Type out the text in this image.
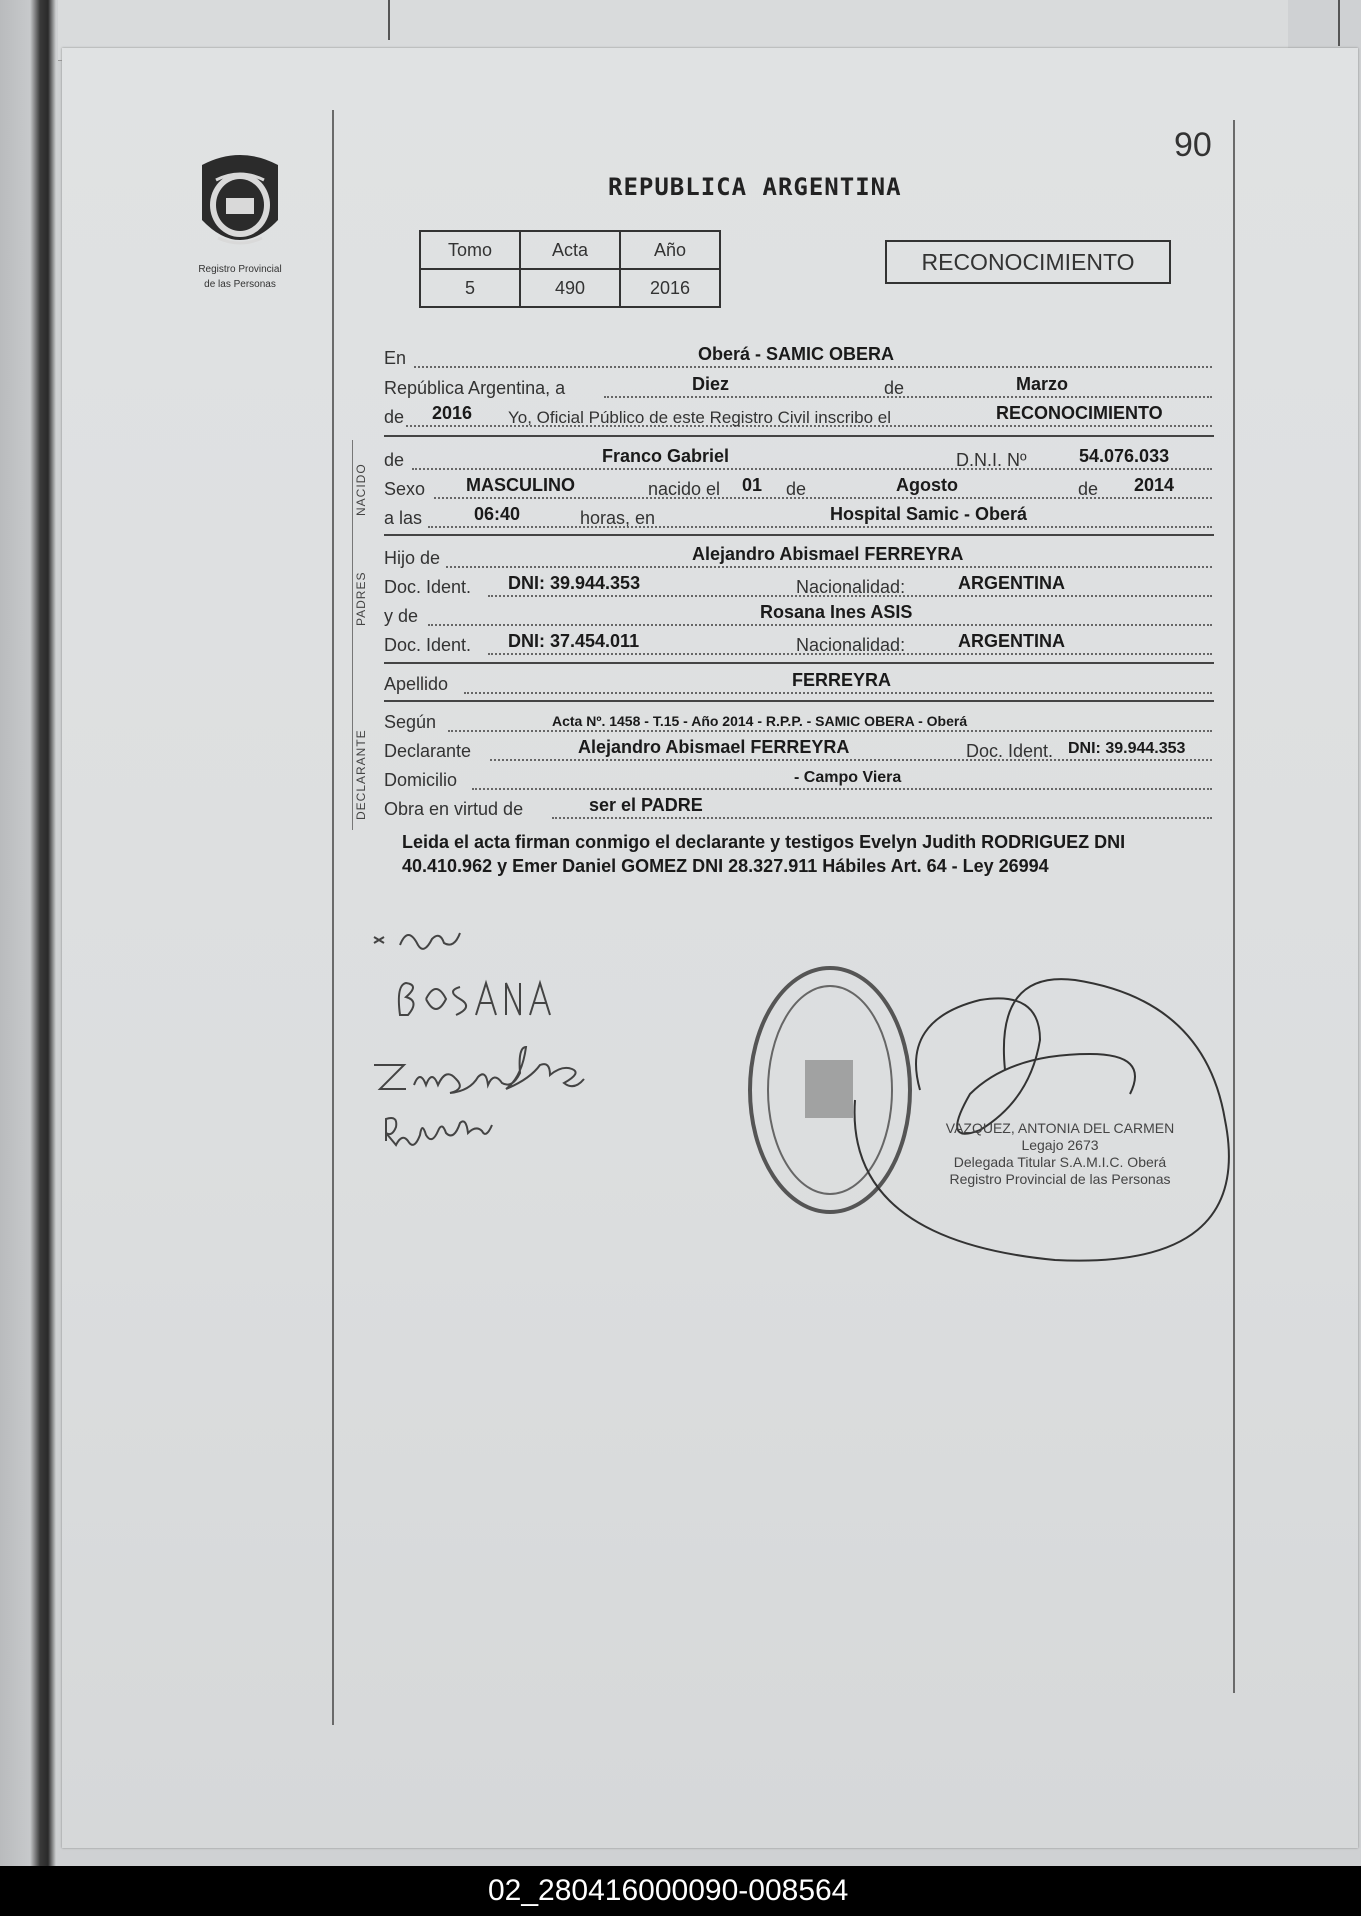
90
Registro Provincial
de las Personas
REPUBLICA ARGENTINA
Tomo	Acta	Año
5	490	2016
RECONOCIMIENTO
En	Oberá - SAMIC OBERA
República Argentina, a	Diez	de	Marzo
de 2016 Yo, Oficial Público de este Registro Civil inscribo el	RECONOCIMIENTO
de	Franco Gabriel	D.N.I. Nº	54.076.033
Sexo MASCULINO	nacido el 01 de	Agosto	de 2014
a las	06:40	horas, en	Hospital Samic - Oberá
Hijo de	Alejandro Abismael FERREYRA
Doc. Ident. DNI: 39.944.353	Nacionalidad:	ARGENTINA
y de	Rosana Ines ASIS
Doc. Ident. DNI: 37.454.011	Nacionalidad:	ARGENTINA
Apellido	FERREYRA
Según	Acta Nº. 1458 - T.15 - Año 2014 - R.P.P. - SAMIC OBERA - Oberá
Declarante	Alejandro Abismael FERREYRA	Doc. Ident. DNI: 39.944.353
Domicilio	- Campo Viera
Obra en virtud de	ser el PADRE
NACIDO
PADRES
DECLARANTE
Leida el acta firman conmigo el declarante y testigos Evelyn Judith RODRIGUEZ DNI 40.410.962 y Emer Daniel GOMEZ DNI 28.327.911 Hábiles Art. 64 - Ley 26994
VAZQUEZ, ANTONIA DEL CARMEN
Legajo 2673
Delegada Titular S.A.M.I.C. Oberá
Registro Provincial de las Personas
02_280416000090-008564
